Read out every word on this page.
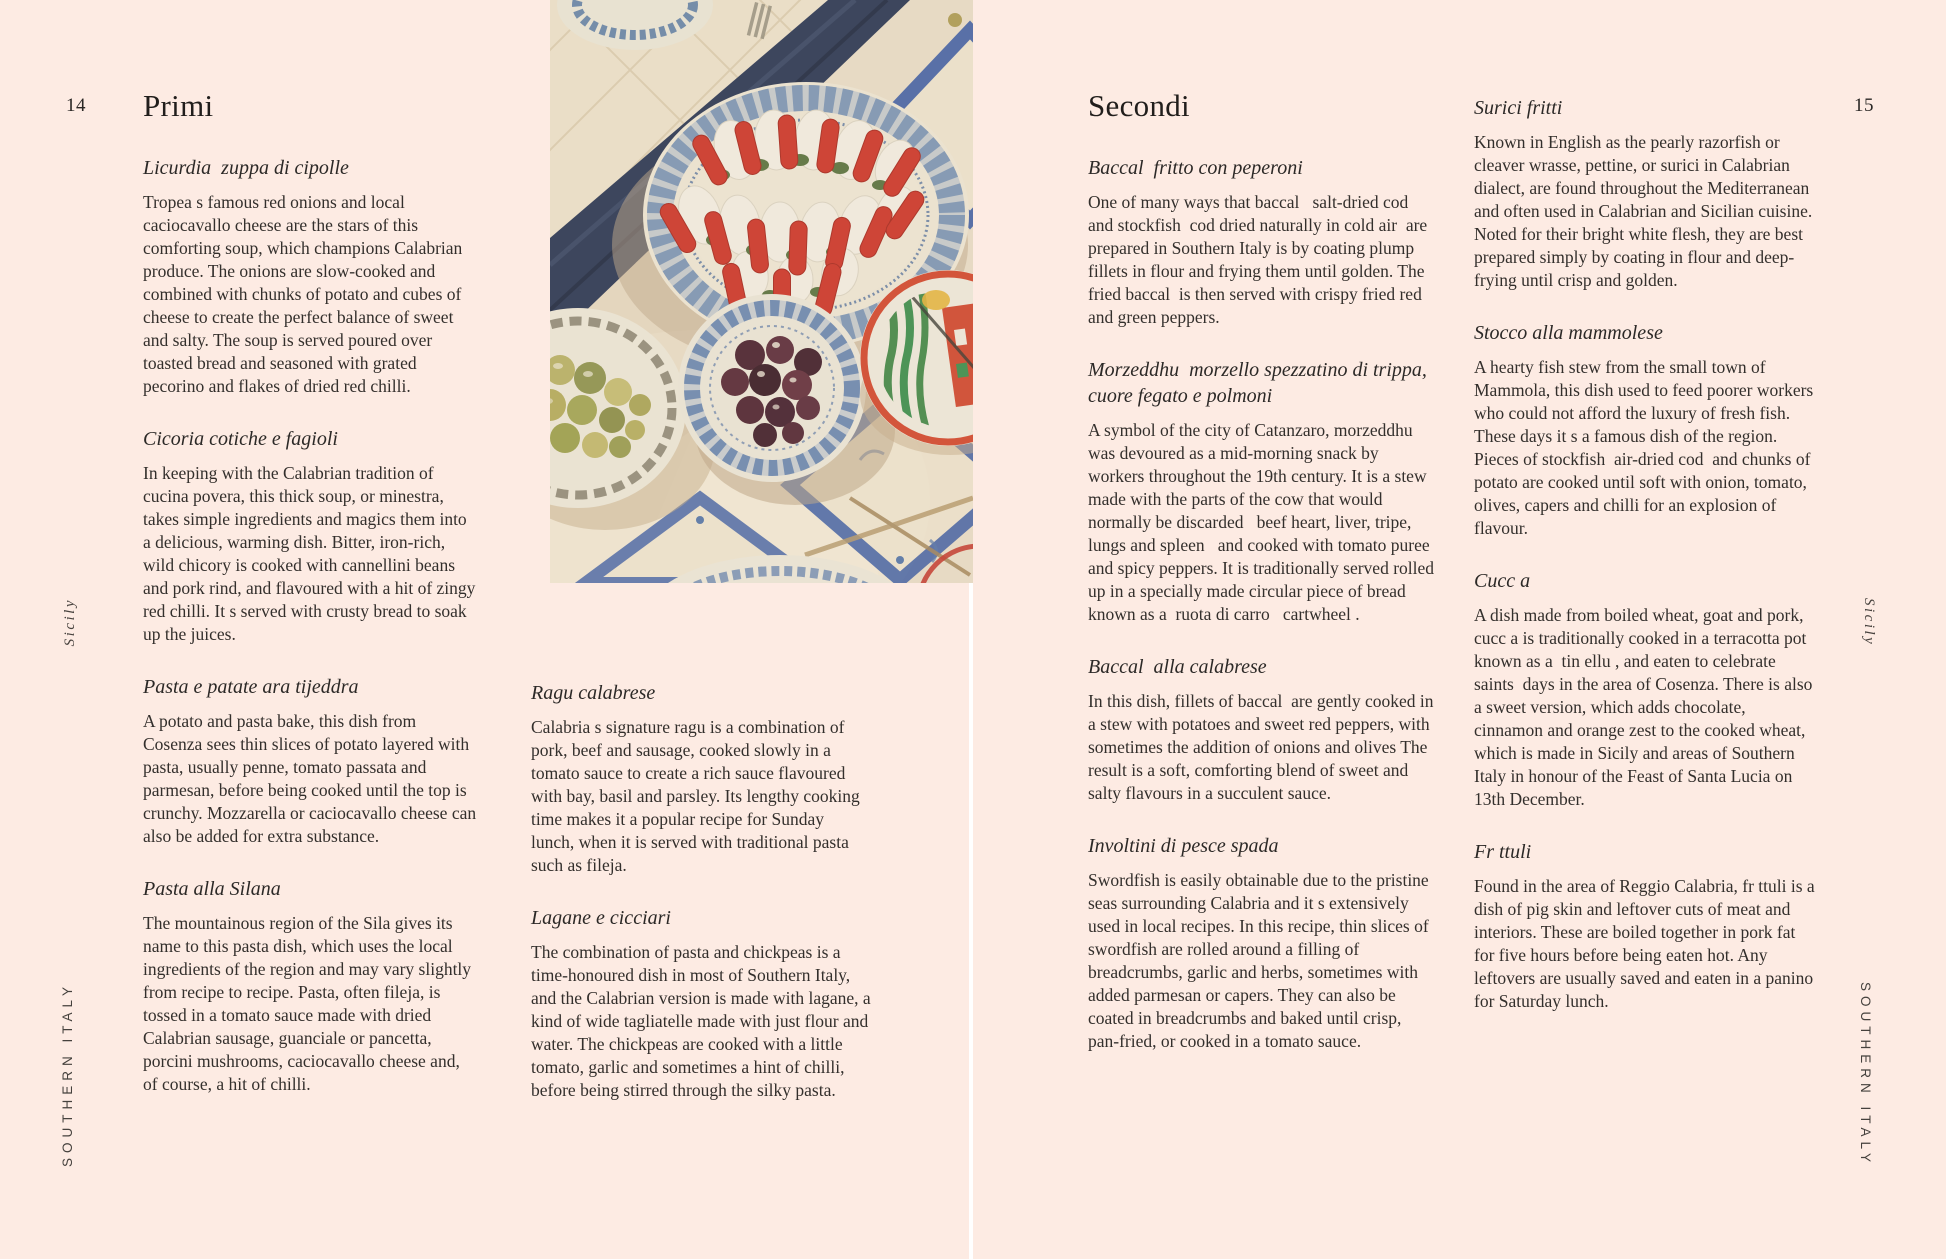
14	15
Sicily	Sicily
SOUTHERN ITALY	SOUTHERN ITALY
Primi
Licurdia  zuppa di cipolle

Tropea s famous red onions and local caciocavallo cheese are the stars of this comforting soup, which champions Calabrian produce. The onions are slow-cooked and combined with chunks of potato and cubes of cheese to create the perfect balance of sweet and salty. The soup is served poured over toasted bread and seasoned with grated pecorino and flakes of dried red chilli.

Cicoria cotiche e fagioli

In keeping with the Calabrian tradition of cucina povera, this thick soup, or minestra, takes simple ingredients and magics them into a delicious, warming dish. Bitter, iron-rich, wild chicory is cooked with cannellini beans and pork rind, and flavoured with a hit of zingy red chilli. It s served with crusty bread to soak up the juices.

Pasta e patate ara tijeddra

A potato and pasta bake, this dish from Cosenza sees thin slices of potato layered with pasta, usually penne, tomato passata and parmesan, before being cooked until the top is crunchy. Mozzarella or caciocavallo cheese can also be added for extra substance.

Pasta alla Silana

The mountainous region of the Sila gives its name to this pasta dish, which uses the local ingredients of the region and may vary slightly from recipe to recipe. Pasta, often fileja, is tossed in a tomato sauce made with dried Calabrian sausage, guanciale or pancetta, porcini mushrooms, caciocavallo cheese and, of course, a hit of chilli.

Ragu calabrese

Calabria s signature ragu is a combination of pork, beef and sausage, cooked slowly in a tomato sauce to create a rich sauce flavoured with bay, basil and parsley. Its lengthy cooking time makes it a popular recipe for Sunday lunch, when it is served with traditional pasta such as fileja.

Lagane e cicciari

The combination of pasta and chickpeas is a time-honoured dish in most of Southern Italy, and the Calabrian version is made with lagane, a kind of wide tagliatelle made with just flour and water. The chickpeas are cooked with a little tomato, garlic and sometimes a hint of chilli, before being stirred through the silky pasta.

Secondi
Baccal  fritto con peperoni

One of many ways that baccal   salt-dried cod  and stockfish  cod dried naturally in cold air  are prepared in Southern Italy is by coating plump fillets in flour and frying them until golden. The fried baccal  is then served with crispy fried red and green peppers.

Morzeddhu  morzello spezzatino di trippa, cuore fegato e polmoni

A symbol of the city of Catanzaro, morzeddhu was devoured as a mid-morning snack by workers throughout the 19th century. It is a stew made with the parts of the cow that would normally be discarded   beef heart, liver, tripe, lungs and spleen   and cooked with tomato puree and spicy peppers. It is traditionally served rolled up in a specially made circular piece of bread known as a  ruota di carro   cartwheel .

Baccal  alla calabrese

In this dish, fillets of baccal  are gently cooked in a stew with potatoes and sweet red peppers, with sometimes the addition of onions and olives The result is a soft, comforting blend of sweet and salty flavours in a succulent sauce.

Involtini di pesce spada

Swordfish is easily obtainable due to the pristine seas surrounding Calabria and it s extensively used in local recipes. In this recipe, thin slices of swordfish are rolled around a filling of breadcrumbs, garlic and herbs, sometimes with added parmesan or capers. They can also be coated in breadcrumbs and baked until crisp, pan-fried, or cooked in a tomato sauce.

Surici fritti

Known in English as the pearly razorfish or cleaver wrasse, pettine, or surici in Calabrian dialect, are found throughout the Mediterranean and often used in Calabrian and Sicilian cuisine. Noted for their bright white flesh, they are best prepared simply by coating in flour and deep-frying until crisp and golden.

Stocco alla mammolese

A hearty fish stew from the small town of Mammola, this dish used to feed poorer workers who could not afford the luxury of fresh fish. These days it s a famous dish of the region. Pieces of stockfish  air-dried cod  and chunks of potato are cooked until soft with onion, tomato, olives, capers and chilli for an explosion of flavour.

Cucc a

A dish made from boiled wheat, goat and pork, cucc a is traditionally cooked in a terracotta pot known as a  tin ellu , and eaten to celebrate saints  days in the area of Cosenza. There is also a sweet version, which adds chocolate, cinnamon and orange zest to the cooked wheat, which is made in Sicily and areas of Southern Italy in honour of the Feast of Santa Lucia on 13th December.

Fr ttuli

Found in the area of Reggio Calabria, fr ttuli is a dish of pig skin and leftover cuts of meat and interiors. These are boiled together in pork fat for five hours before being eaten hot. Any leftovers are usually saved and eaten in a panino for Saturday lunch.
